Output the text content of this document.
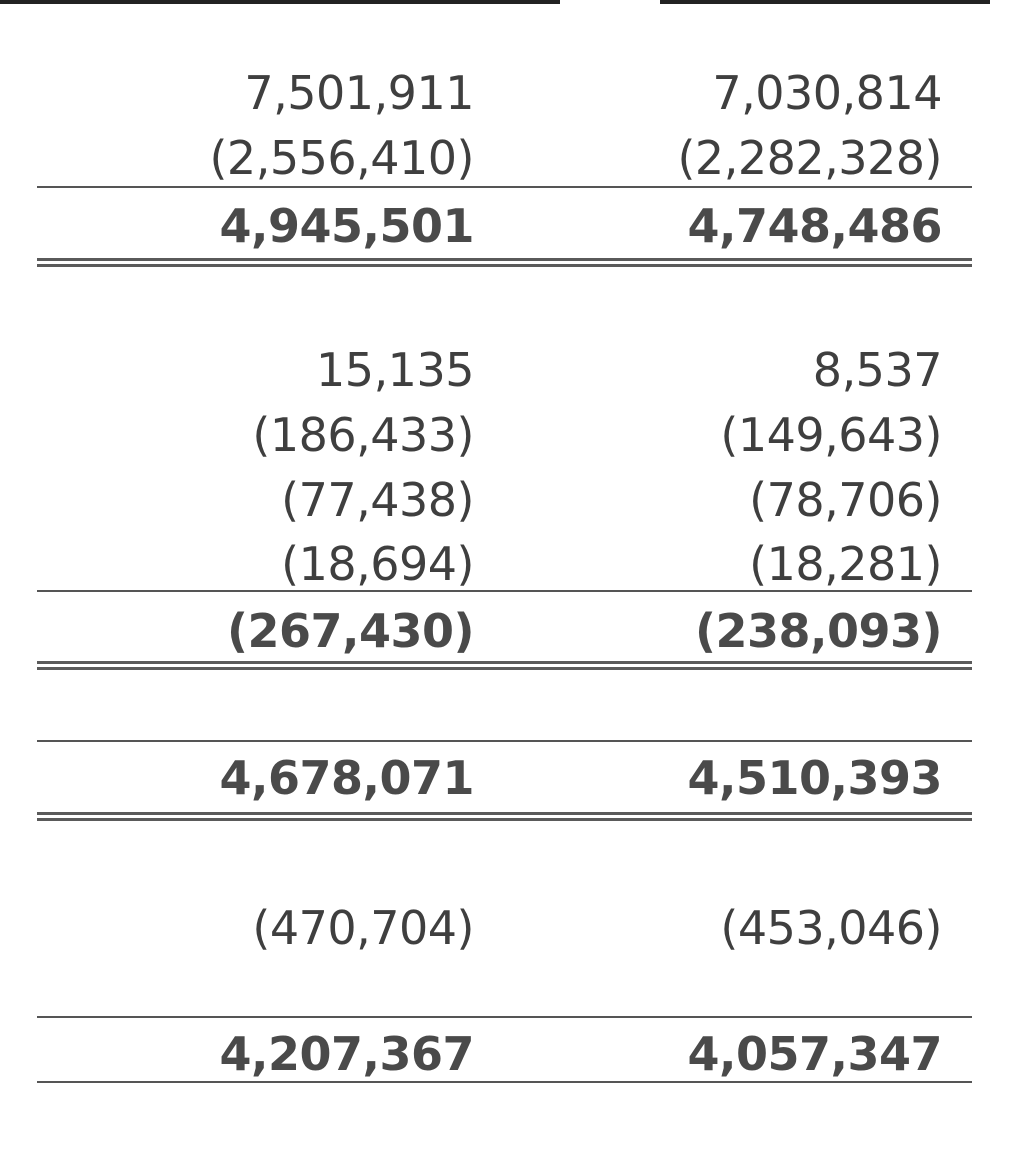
7,501,911	7,030,814
(2,556,410)	(2,282,328)
4,945,501	4,748,486
15,135	8,537
(186,433)	(149,643)
(77,438)	(78,706)
(18,694)	(18,281)
(267,430)	(238,093)
4,678,071	4,510,393
(470,704)	(453,046)
4,207,367	4,057,347
